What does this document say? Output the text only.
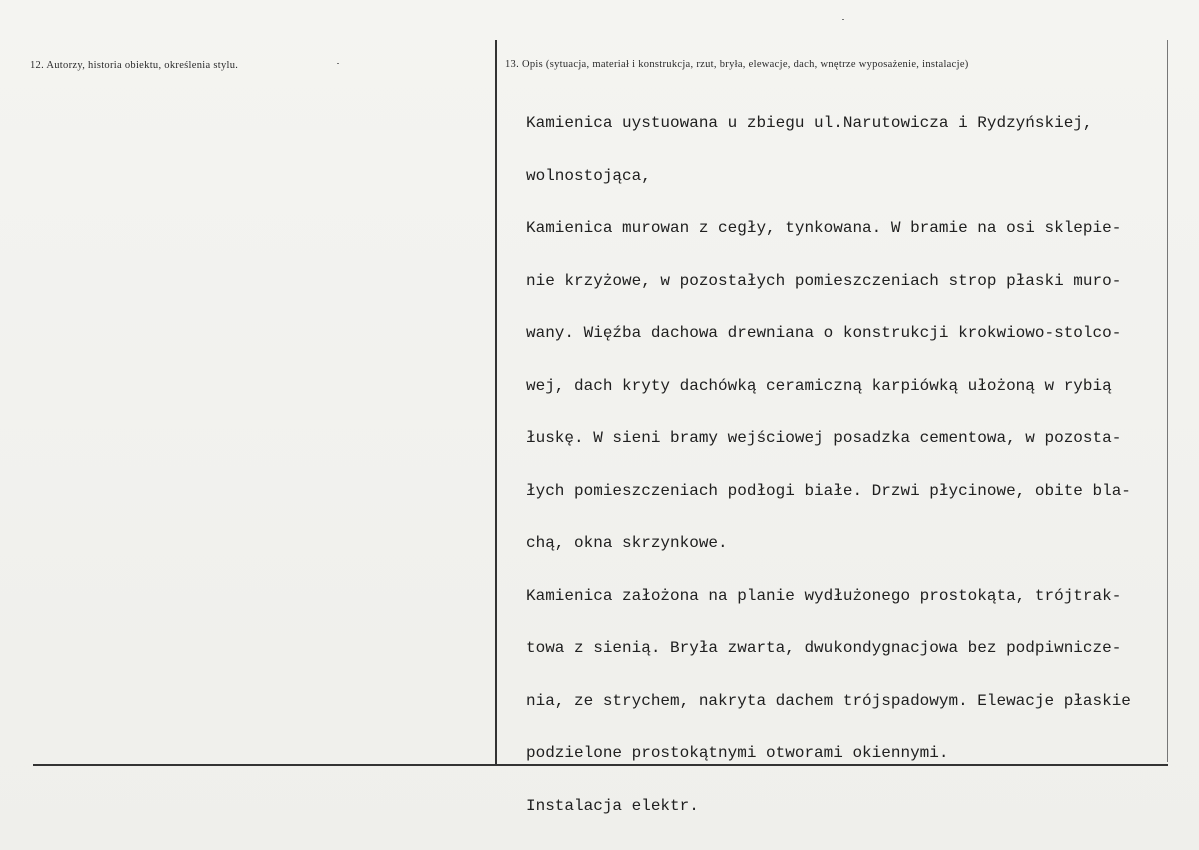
12. Autorzy, historia obiektu, określenia stylu.	13. Opis (sytuacja, materiał i konstrukcja, rzut, bryła, elewacje, dach, wnętrze wyposażenie, instalacje)

Kamienica uystuowana u zbiegu ul.Narutowicza i Rydzyńskiej,

wolnostojąca,

Kamienica murowan z cegły, tynkowana. W bramie na osi sklepie-

nie krzyżowe, w pozostałych pomieszczeniach strop płaski muro-

wany. Więźba dachowa drewniana o konstrukcji krokwiowo-stolco-

wej, dach kryty dachówką ceramiczną karpiówką ułożoną w rybią

łuskę. W sieni bramy wejściowej posadzka cementowa, w pozosta-

łych pomieszczeniach podłogi białe. Drzwi płycinowe, obite bla-

chą, okna skrzynkowe.

Kamienica założona na planie wydłużonego prostokąta, trójtrak-

towa z sienią. Bryła zwarta, dwukondygnacjowa bez podpiwnicze-

nia, ze strychem, nakryta dachem trójspadowym. Elewacje płaskie

podzielone prostokątnymi otworami okiennymi.

Instalacja elektr.
